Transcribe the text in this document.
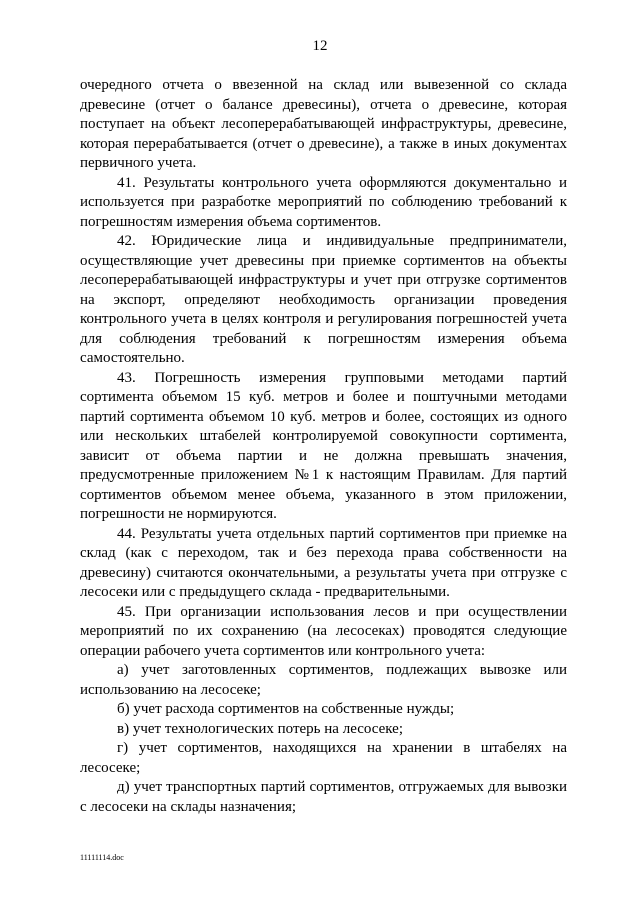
12

очередного отчета о ввезенной на склад или вывезенной со склада древесине (отчет о балансе древесины), отчета о древесине, которая поступает на объект лесоперерабатывающей инфраструктуры, древесине, которая перерабатывается (отчет о древесине), а также в иных документах первичного учета.

41. Результаты контрольного учета оформляются документально и используется при разработке мероприятий по соблюдению требований к погрешностям измерения объема сортиментов.

42. Юридические лица и индивидуальные предприниматели, осуществляющие учет древесины при приемке сортиментов на объекты лесоперерабатывающей инфраструктуры и учет при отгрузке сортиментов на экспорт, определяют необходимость организации проведения контрольного учета в целях контроля и регулирования погрешностей учета для соблюдения требований к погрешностям измерения объема самостоятельно.

43. Погрешность измерения групповыми методами партий сортимента объемом 15 куб. метров и более и поштучными методами партий сортимента объемом 10 куб. метров и более, состоящих из одного или нескольких штабелей контролируемой совокупности сортимента, зависит от объема партии и не должна превышать значения, предусмотренные приложением №1 к настоящим Правилам. Для партий сортиментов объемом менее объема, указанного в этом приложении, погрешности не нормируются.

44. Результаты учета отдельных партий сортиментов при приемке на склад (как с переходом, так и без перехода права собственности на древесину) считаются окончательными, а результаты учета при отгрузке с лесосеки или с предыдущего склада - предварительными.

45. При организации использования лесов и при осуществлении мероприятий по их сохранению (на лесосеках) проводятся следующие операции рабочего учета сортиментов или контрольного учета:

а) учет заготовленных сортиментов, подлежащих вывозке или использованию на лесосеке;

б) учет расхода сортиментов на собственные нужды;

в) учет технологических потерь на лесосеке;

г) учет сортиментов, находящихся на хранении в штабелях на лесосеке;

д) учет транспортных партий сортиментов, отгружаемых для вывозки с лесосеки на склады назначения;

11111114.doc
